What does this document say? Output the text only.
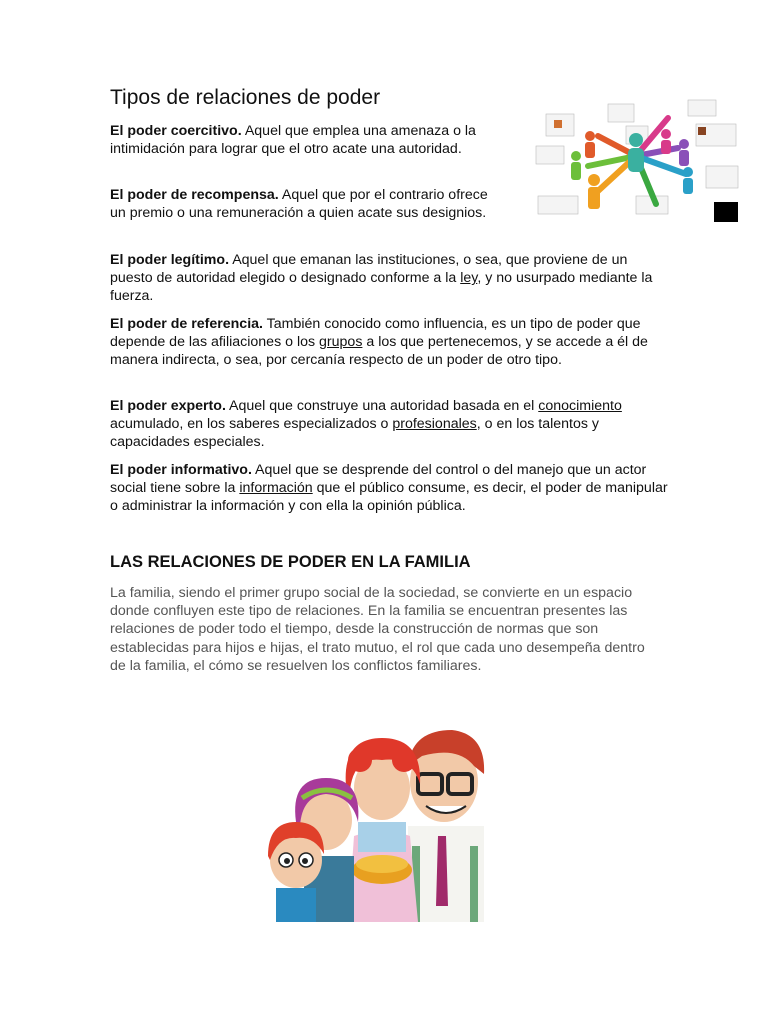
Tipos de relaciones de poder

El poder coercitivo. Aquel que emplea una amenaza o la intimidación para lograr que el otro acate una autoridad.

El poder de recompensa. Aquel que por el contrario ofrece un premio o una remuneración a quien acate sus designios.

El poder legítimo. Aquel que emanan las instituciones, o sea, que proviene de un puesto de autoridad elegido o designado conforme a la ley, y no usurpado mediante la fuerza.

El poder de referencia. También conocido como influencia, es un tipo de poder que depende de las afiliaciones o los grupos a los que pertenecemos, y se accede a él de manera indirecta, o sea, por cercanía respecto de un poder de otro tipo.

El poder experto. Aquel que construye una autoridad basada en el conocimiento acumulado, en los saberes especializados o profesionales, o en los talentos y capacidades especiales.

El poder informativo. Aquel que se desprende del control o del manejo que un actor social tiene sobre la información que el público consume, es decir, el poder de manipular o administrar la información y con ella la opinión pública.

LAS RELACIONES DE PODER EN LA FAMILIA

La familia, siendo el primer grupo social de la sociedad, se convierte en un espacio donde confluyen este tipo de relaciones. En la familia se encuentran presentes las relaciones de poder todo el tiempo, desde la construcción de normas que son establecidas para hijos e hijas, el trato mutuo, el rol que cada uno desempeña dentro de la familia, el cómo se resuelven los conflictos familiares.
